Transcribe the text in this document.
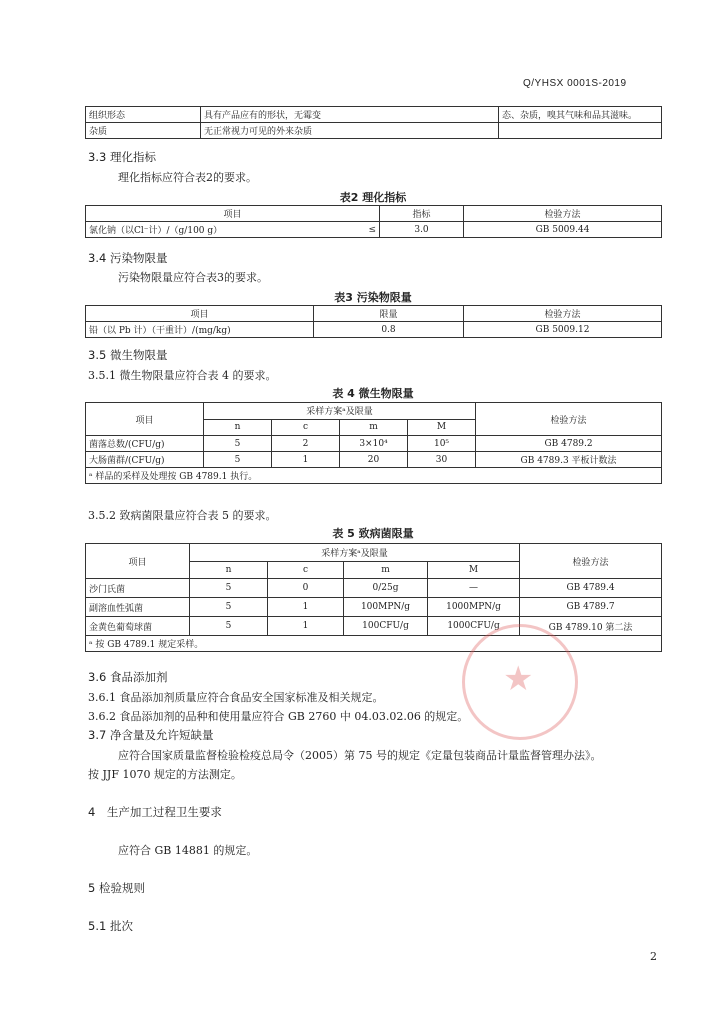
Q/YHSX 0001S-2019
组织形态	具有产品应有的形状，无霉变	态、杂质，嗅其气味和品其滋味。
杂质	无正常视力可见的外来杂质	
3.3 理化指标
理化指标应符合表2的要求。
表2 理化指标
项目		指标	检验方法
氯化钠（以Cl⁻计）/（g/100 g）	≤	3.0	GB 5009.44
3.4 污染物限量
污染物限量应符合表3的要求。
表3 污染物限量
项目	限量	检验方法
铅（以 Pb 计）（干重计）/(mg/kg)	0.8	GB 5009.12
3.5 微生物限量
3.5.1 微生物限量应符合表 4 的要求。
表 4 微生物限量
项目	采样方案ᵃ及限量				检验方法
	n	c	m	M	
菌落总数/(CFU/g)	5	2	3×10⁴	10⁵	GB 4789.2
大肠菌群/(CFU/g)	5	1	20	30	GB 4789.3 平板计数法
ᵃ 样品的采样及处理按 GB 4789.1 执行。					
3.5.2 致病菌限量应符合表 5 的要求。
表 5 致病菌限量
项目	采样方案ᵃ及限量				检验方法
	n	c	m	M	
沙门氏菌	5	0	0/25g	—	GB 4789.4
副溶血性弧菌	5	1	100MPN/g	1000MPN/g	GB 4789.7
金黄色葡萄球菌	5	1	100CFU/g	1000CFU/g	GB 4789.10 第二法
ᵃ 按 GB 4789.1 规定采样。					
★
3.6 食品添加剂
3.6.1 食品添加剂质量应符合食品安全国家标准及相关规定。
3.6.2 食品添加剂的品种和使用量应符合 GB 2760 中 04.03.02.06 的规定。
3.7 净含量及允许短缺量
应符合国家质量监督检验检疫总局令（2005）第 75 号的规定《定量包装商品计量监督管理办法》。
按 JJF 1070 规定的方法测定。
4　生产加工过程卫生要求
应符合 GB 14881 的规定。
5 检验规则
5.1 批次
2
